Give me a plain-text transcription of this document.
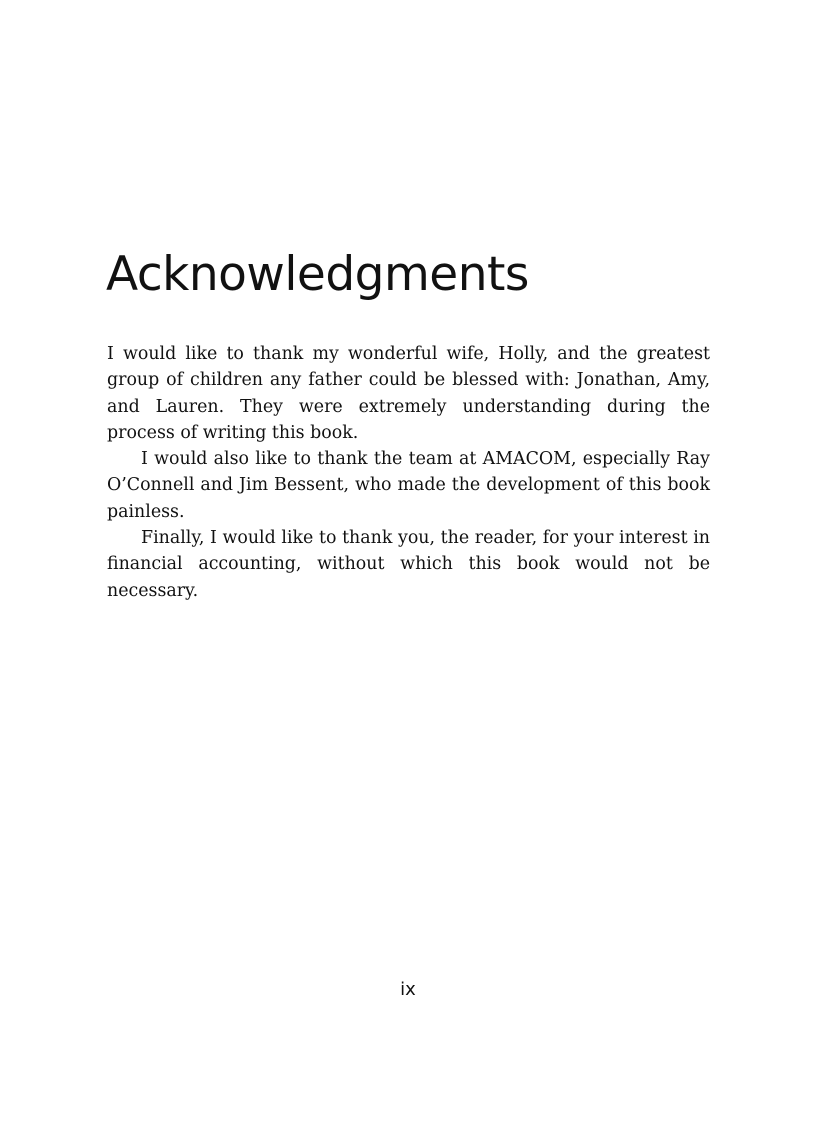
Acknowledgments

I would like to thank my wonderful wife, Holly, and the greatest group of children any father could be blessed with: Jonathan, Amy, and Lauren. They were extremely understanding during the process of writing this book.

I would also like to thank the team at AMACOM, especially Ray O’Connell and Jim Bessent, who made the development of this book painless.

Finally, I would like to thank you, the reader, for your interest in financial accounting, without which this book would not be necessary.

ix
